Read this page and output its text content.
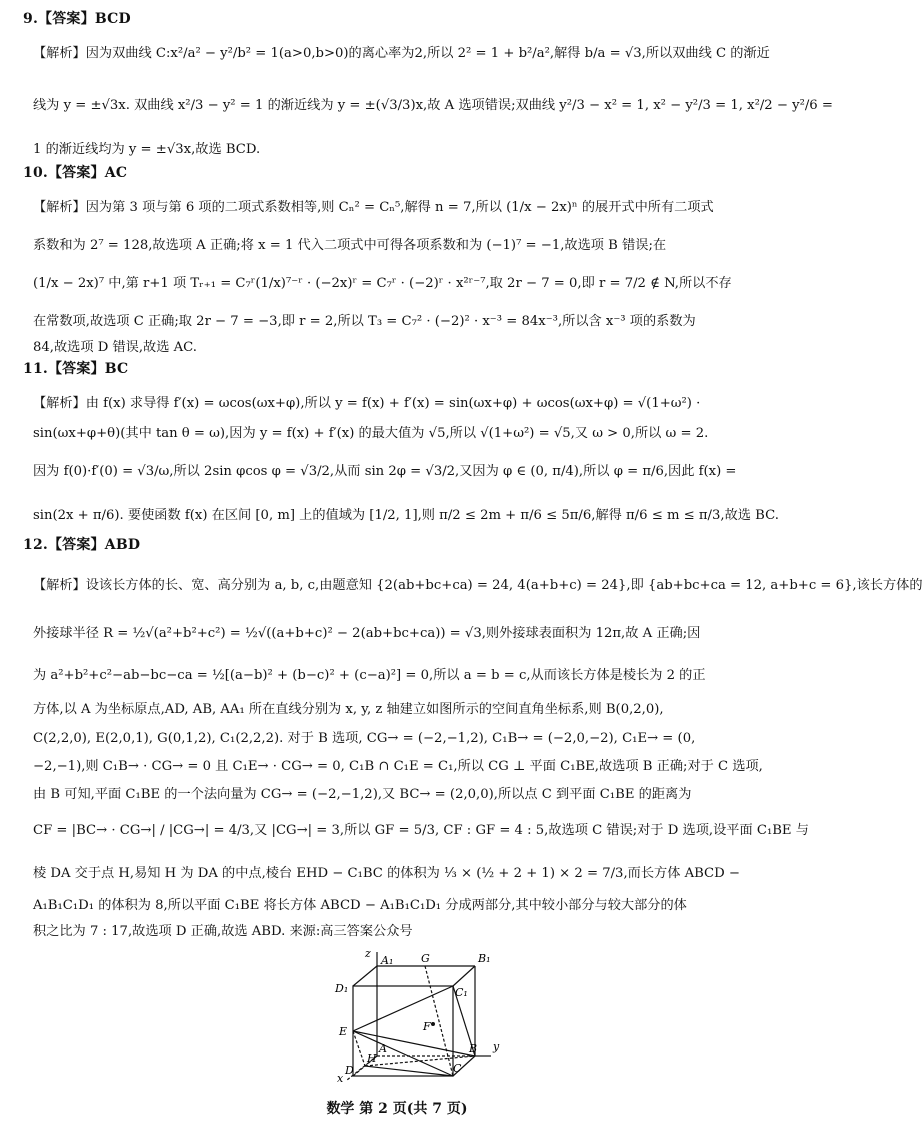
9.【答案】BCD
【解析】因为双曲线 C:x²/a² − y²/b² = 1(a>0,b>0)的离心率为2,所以 2² = 1 + b²/a²,解得 b/a = √3,所以双曲线 C 的渐近
线为 y = ±√3x. 双曲线 x²/3 − y² = 1 的渐近线为 y = ±(√3/3)x,故 A 选项错误;双曲线 y²/3 − x² = 1, x² − y²/3 = 1, x²/2 − y²/6 =
1 的渐近线均为 y = ±√3x,故选 BCD.
10.【答案】AC
【解析】因为第 3 项与第 6 项的二项式系数相等,则 Cₙ² = Cₙ⁵,解得 n = 7,所以 (1/x − 2x)ⁿ 的展开式中所有二项式
系数和为 2⁷ = 128,故选项 A 正确;将 x = 1 代入二项式中可得各项系数和为 (−1)⁷ = −1,故选项 B 错误;在
(1/x − 2x)⁷ 中,第 r+1 项 Tᵣ₊₁ = C₇ʳ(1/x)⁷⁻ʳ · (−2x)ʳ = C₇ʳ · (−2)ʳ · x²ʳ⁻⁷,取 2r − 7 = 0,即 r = 7/2 ∉ N,所以不存
在常数项,故选项 C 正确;取 2r − 7 = −3,即 r = 2,所以 T₃ = C₇² · (−2)² · x⁻³ = 84x⁻³,所以含 x⁻³ 项的系数为
84,故选项 D 错误,故选 AC.
11.【答案】BC
【解析】由 f(x) 求导得 f′(x) = ωcos(ωx+φ),所以 y = f(x) + f′(x) = sin(ωx+φ) + ωcos(ωx+φ) = √(1+ω²) ·
sin(ωx+φ+θ)(其中 tan θ = ω),因为 y = f(x) + f′(x) 的最大值为 √5,所以 √(1+ω²) = √5,又 ω > 0,所以 ω = 2.
因为 f(0)·f′(0) = √3/ω,所以 2sin φcos φ = √3/2,从而 sin 2φ = √3/2,又因为 φ ∈ (0, π/4),所以 φ = π/6,因此 f(x) =
sin(2x + π/6). 要使函数 f(x) 在区间 [0, m] 上的值域为 [1/2, 1],则 π/2 ≤ 2m + π/6 ≤ 5π/6,解得 π/6 ≤ m ≤ π/3,故选 BC.
12.【答案】ABD
【解析】设该长方体的长、宽、高分别为 a, b, c,由题意知 {2(ab+bc+ca) = 24, 4(a+b+c) = 24},即 {ab+bc+ca = 12, a+b+c = 6},该长方体的
外接球半径 R = ½√(a²+b²+c²) = ½√((a+b+c)² − 2(ab+bc+ca)) = √3,则外接球表面积为 12π,故 A 正确;因
为 a²+b²+c²−ab−bc−ca = ½[(a−b)² + (b−c)² + (c−a)²] = 0,所以 a = b = c,从而该长方体是棱长为 2 的正
方体,以 A 为坐标原点,AD, AB, AA₁ 所在直线分别为 x, y, z 轴建立如图所示的空间直角坐标系,则 B(0,2,0),
C(2,2,0), E(2,0,1), G(0,1,2), C₁(2,2,2). 对于 B 选项, CG→ = (−2,−1,2), C₁B→ = (−2,0,−2), C₁E→ = (0,
−2,−1),则 C₁B→ · CG→ = 0 且 C₁E→ · CG→ = 0, C₁B ∩ C₁E = C₁,所以 CG ⊥ 平面 C₁BE,故选项 B 正确;对于 C 选项,
由 B 可知,平面 C₁BE 的一个法向量为 CG→ = (−2,−1,2),又 BC→ = (2,0,0),所以点 C 到平面 C₁BE 的距离为
CF = |BC→ · CG→| / |CG→| = 4/3,又 |CG→| = 3,所以 GF = 5/3, CF : GF = 4 : 5,故选项 C 错误;对于 D 选项,设平面 C₁BE 与
棱 DA 交于点 H,易知 H 为 DA 的中点,棱台 EHD − C₁BC 的体积为 ⅓ × (½ + 2 + 1) × 2 = 7/3,而长方体 ABCD −
A₁B₁C₁D₁ 的体积为 8,所以平面 C₁BE 将长方体 ABCD − A₁B₁C₁D₁ 分成两部分,其中较小部分与较大部分的体
积之比为 7 : 17,故选项 D 正确,故选 ABD. 来源:高三答案公众号
z
A₁	G	B₁
D₁	C₁
F
E
A
H
D	C
B y
x
数学 第 2 页(共 7 页)
